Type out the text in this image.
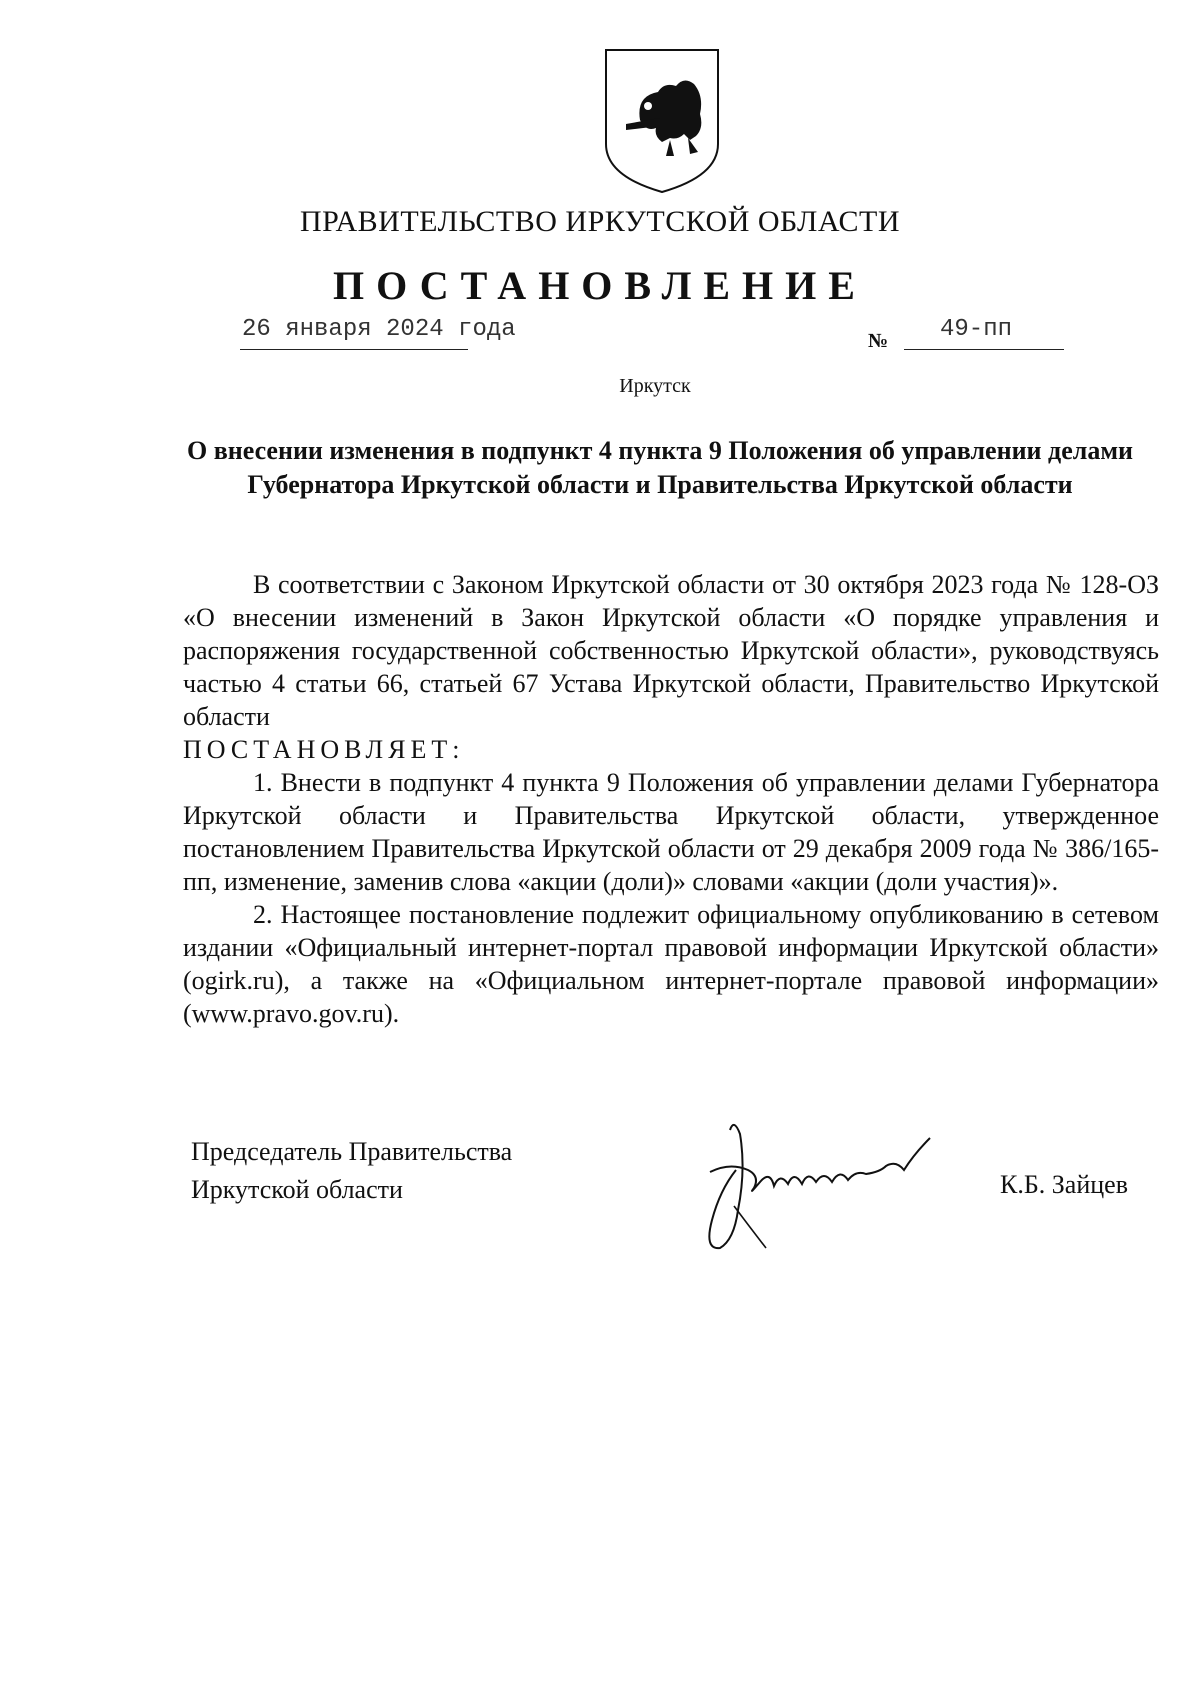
ПРАВИТЕЛЬСТВО ИРКУТСКОЙ ОБЛАСТИ
ПОСТАНОВЛЕНИЕ
26 января 2024 года	№ 49-пп
Иркутск
О внесении изменения в подпункт 4 пункта 9 Положения об управлении делами Губернатора Иркутской области и Правительства Иркутской области

В соответствии с Законом Иркутской области от 30 октября 2023 года № 128-ОЗ «О внесении изменений в Закон Иркутской области «О порядке управления и распоряжения государственной собственностью Иркутской области», руководствуясь частью 4 статьи 66, статьей 67 Устава Иркутской области, Правительство Иркутской области

ПОСТАНОВЛЯЕТ:

1. Внести в подпункт 4 пункта 9 Положения об управлении делами Губернатора Иркутской области и Правительства Иркутской области, утвержденное постановлением Правительства Иркутской области от 29 декабря 2009 года № 386/165-пп, изменение, заменив слова «акции (доли)» словами «акции (доли участия)».

2. Настоящее постановление подлежит официальному опубликованию в сетевом издании «Официальный интернет-портал правовой информации Иркутской области» (ogirk.ru), а также на «Официальном интернет-портале правовой информации» (www.pravo.gov.ru).

Председатель Правительства
Иркутской области	К.Б. Зайцев
